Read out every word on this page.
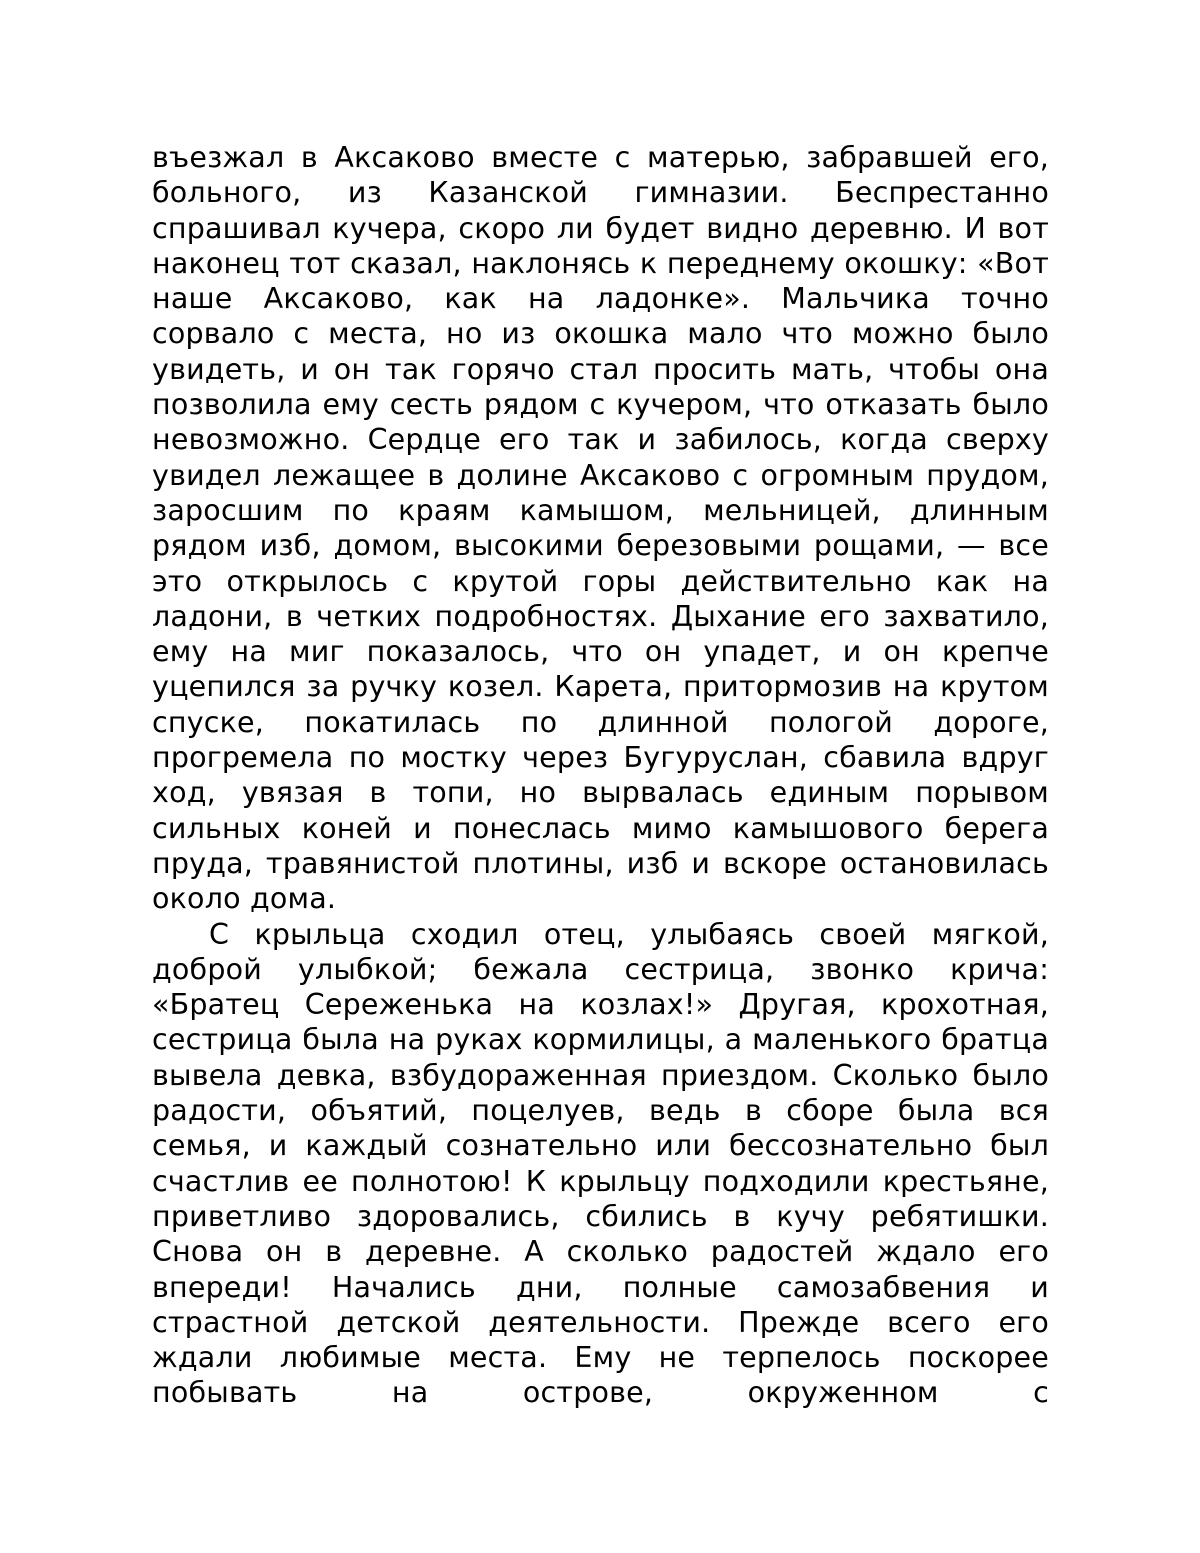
въезжал в Аксаково вместе с матерью, забравшей его, больного, из Казанской гимназии. Беспрестанно спрашивал кучера, скоро ли будет видно деревню. И вот наконец тот сказал, наклонясь к переднему окошку: «Вот наше Аксаково, как на ладонке». Мальчика точно сорвало с места, но из окошка мало что можно было увидеть, и он так горячо стал просить мать, чтобы она позволила ему сесть рядом с кучером, что отказать было невозможно. Сердце его так и забилось, когда сверху увидел лежащее в долине Аксаково с огромным прудом, заросшим по краям камышом, мельницей, длинным рядом изб, домом, высокими березовыми рощами, — все это открылось с крутой горы действительно как на ладони, в четких подробностях. Дыхание его захватило, ему на миг показалось, что он упадет, и он крепче уцепился за ручку козел. Карета, притормозив на крутом спуске, покатилась по длинной пологой дороге, прогремела по мостку через Бугуруслан, сбавила вдруг ход, увязая в топи, но вырвалась единым порывом сильных коней и понеслась мимо камышового берега пруда, травянистой плотины, изб и вскоре остановилась около дома.

С крыльца сходил отец, улыбаясь своей мягкой, доброй улыбкой; бежала сестрица, звонко крича: «Братец Сереженька на козлах!» Другая, крохотная, сестрица была на руках кормилицы, а маленького братца вывела девка, взбудораженная приездом. Сколько было радости, объятий, поцелуев, ведь в сборе была вся семья, и каждый сознательно или бессознательно был счастлив ее полнотою! К крыльцу подходили крестьяне, приветливо здоровались, сбились в кучу ребятишки. Снова он в деревне. А сколько радостей ждало его впереди! Начались дни, полные самозабвения и страстной детской деятельности. Прежде всего его ждали любимые места. Ему не терпелось поскорее побывать на острове, окруженном с
